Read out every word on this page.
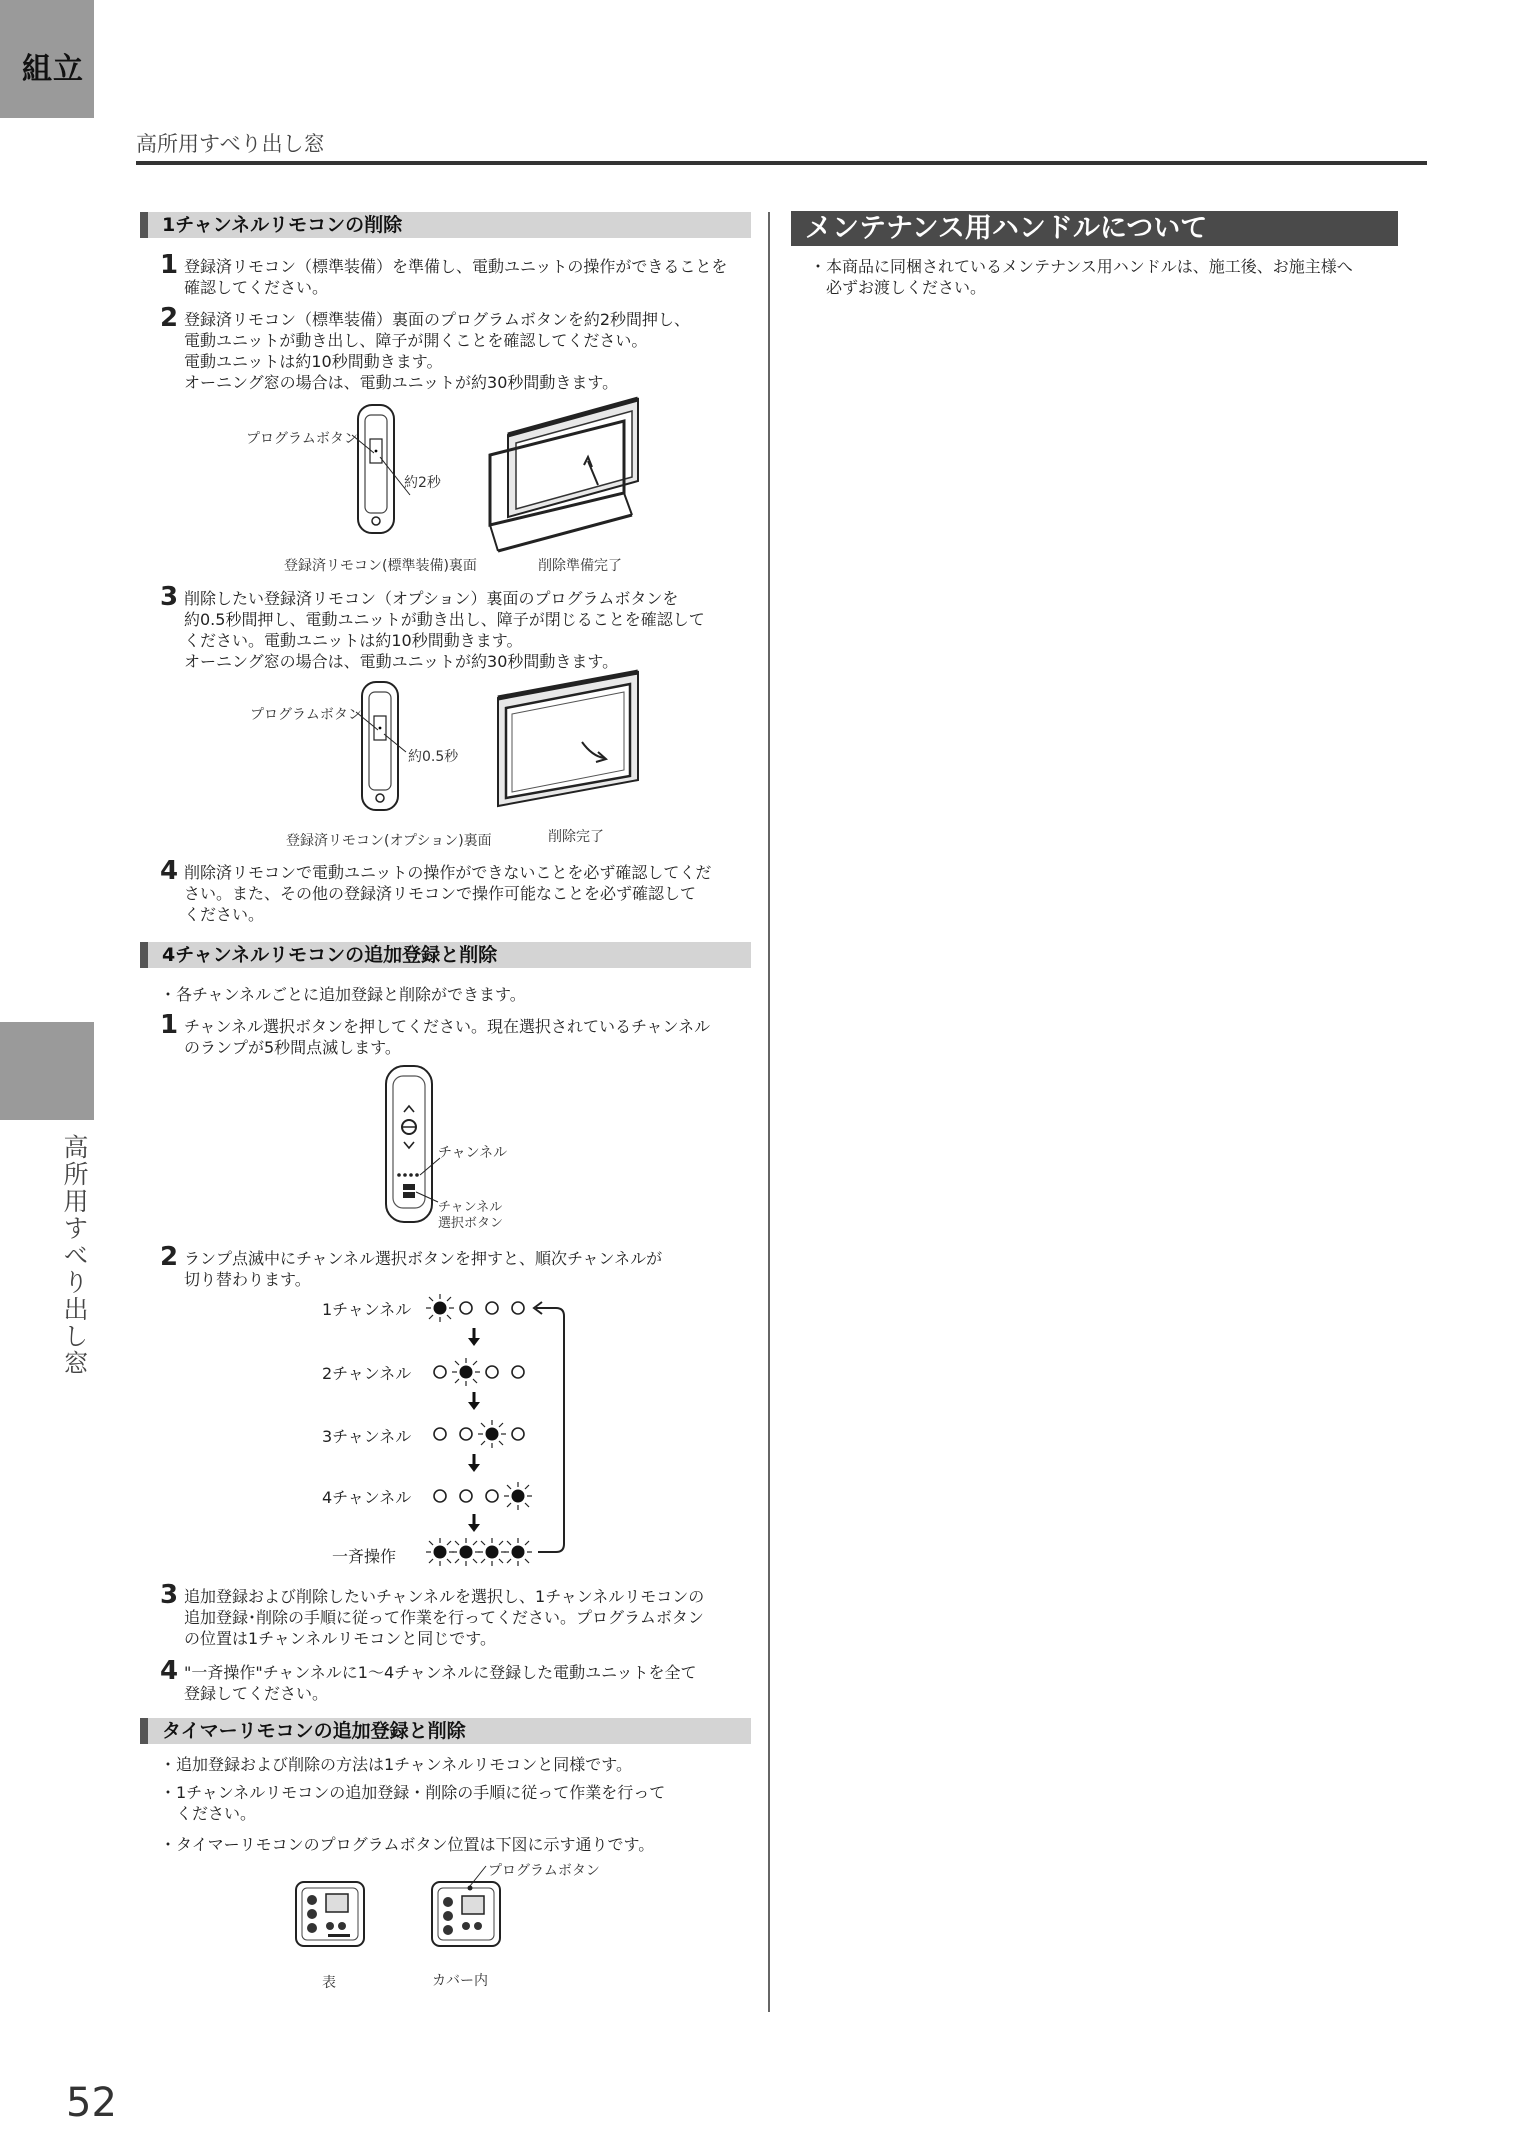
組立
高所用すべり出し窓
高所用すべり出し窓
52
1チャンネルリモコンの削除
1 登録済リモコン（標準装備）を準備し、電動ユニットの操作ができることを
確認してください。
2 登録済リモコン（標準装備）裏面のプログラムボタンを約2秒間押し、
電動ユニットが動き出し、障子が開くことを確認してください。
電動ユニットは約10秒間動きます。
オーニング窓の場合は、電動ユニットが約30秒間動きます。
プログラムボタン
約2秒
登録済リモコン(標準装備)裏面	削除準備完了
3 削除したい登録済リモコン（オプション）裏面のプログラムボタンを
約0.5秒間押し、電動ユニットが動き出し、障子が閉じることを確認して
ください。電動ユニットは約10秒間動きます。
オーニング窓の場合は、電動ユニットが約30秒間動きます。
プログラムボタン
約0.5秒
登録済リモコン(オプション)裏面	削除完了
4 削除済リモコンで電動ユニットの操作ができないことを必ず確認してくだ
さい。また、その他の登録済リモコンで操作可能なことを必ず確認して
ください。
4チャンネルリモコンの追加登録と削除
・各チャンネルごとに追加登録と削除ができます。
1 チャンネル選択ボタンを押してください。現在選択されているチャンネル
のランプが5秒間点滅します。
チャンネル
チャンネル
選択ボタン
2 ランプ点滅中にチャンネル選択ボタンを押すと、順次チャンネルが
切り替わります。
1チャンネル
2チャンネル
3チャンネル
4チャンネル
一斉操作
3 追加登録および削除したいチャンネルを選択し、1チャンネルリモコンの
追加登録･削除の手順に従って作業を行ってください。プログラムボタン
の位置は1チャンネルリモコンと同じです。
4 "一斉操作"チャンネルに1～4チャンネルに登録した電動ユニットを全て
登録してください。
タイマーリモコンの追加登録と削除
・追加登録および削除の方法は1チャンネルリモコンと同様です。
・1チャンネルリモコンの追加登録・削除の手順に従って作業を行って
　ください。
・タイマーリモコンのプログラムボタン位置は下図に示す通りです。
プログラムボタン
表	カバー内
メンテナンス用ハンドルについて
・本商品に同梱されているメンテナンス用ハンドルは、施工後、お施主様へ
　必ずお渡しください。
